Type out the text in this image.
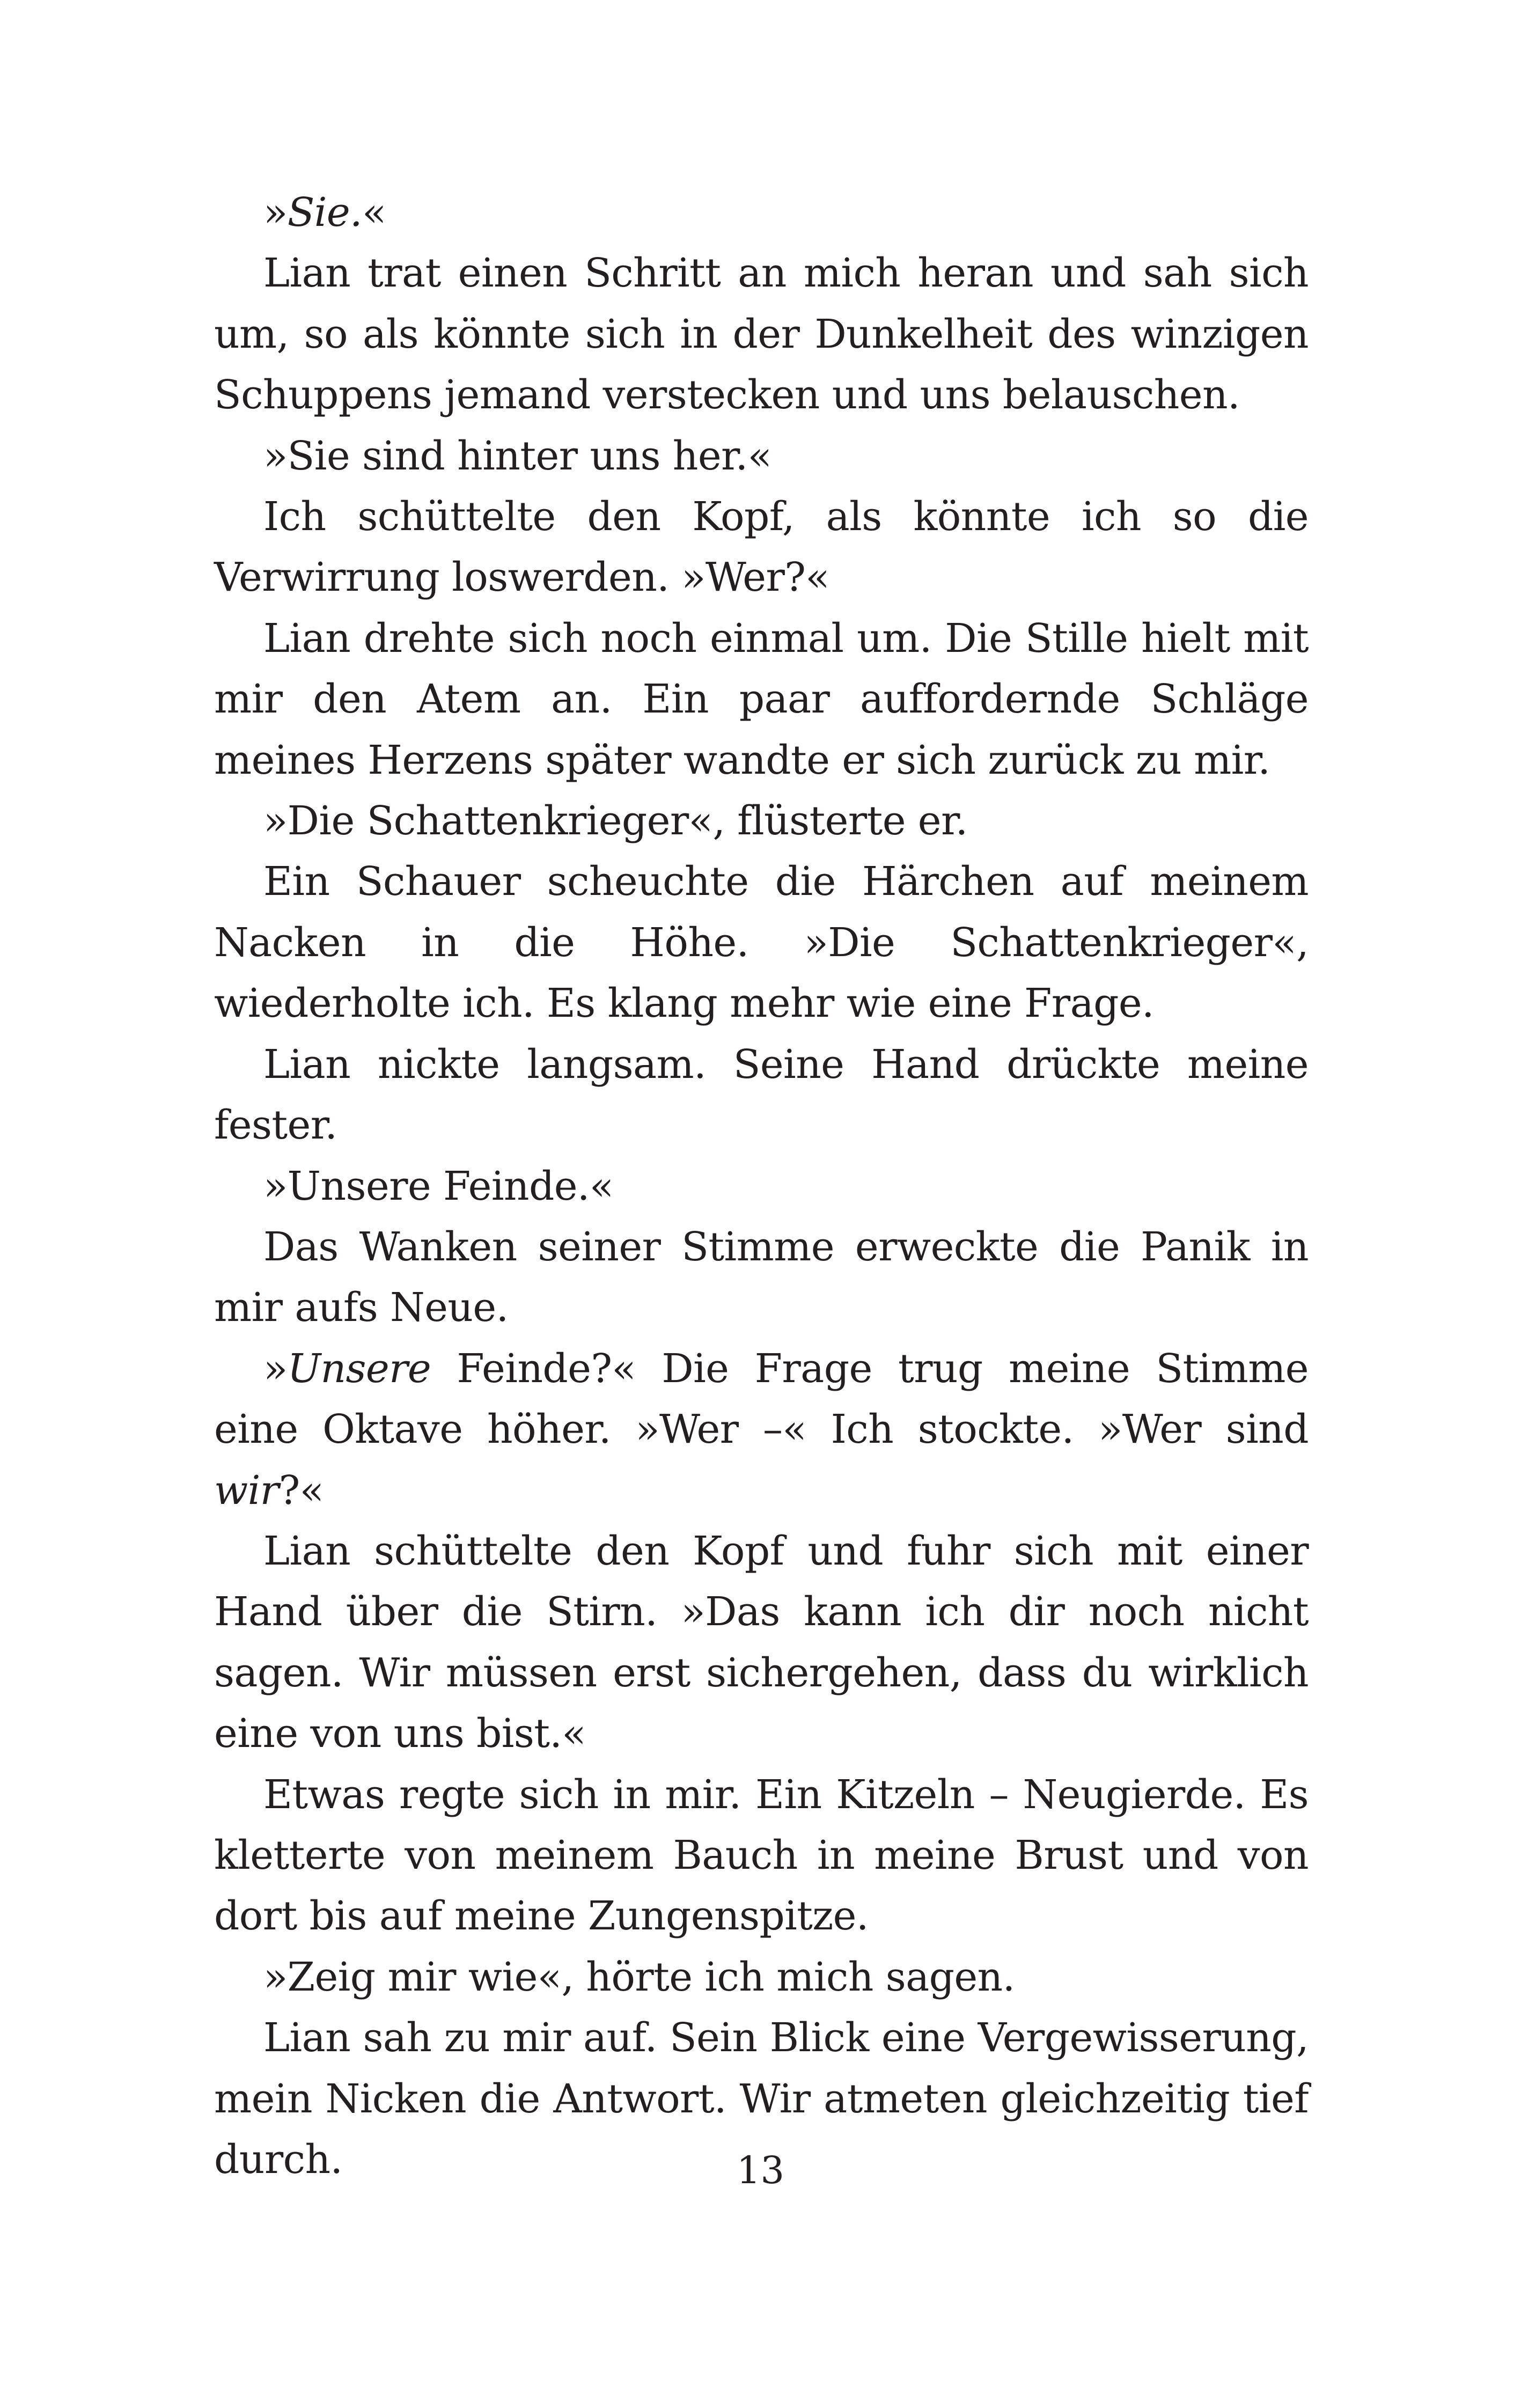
»Sie.«

Lian trat einen Schritt an mich heran und sah sich um, so als könnte sich in der Dunkelheit des winzigen Schuppens jemand verstecken und uns belauschen.

»Sie sind hinter uns her.«

Ich schüttelte den Kopf, als könnte ich so die Verwirrung loswerden. »Wer?«

Lian drehte sich noch einmal um. Die Stille hielt mit mir den Atem an. Ein paar auffordernde Schläge meines Herzens später wandte er sich zurück zu mir.

»Die Schattenkrieger«, flüsterte er.

Ein Schauer scheuchte die Härchen auf meinem Nacken in die Höhe. »Die Schattenkrieger«, wiederholte ich. Es klang mehr wie eine Frage.

Lian nickte langsam. Seine Hand drückte meine fester.

»Unsere Feinde.«

Das Wanken seiner Stimme erweckte die Panik in mir aufs Neue.

»Unsere Feinde?« Die Frage trug meine Stimme eine Oktave höher. »Wer –« Ich stockte. »Wer sind wir?«

Lian schüttelte den Kopf und fuhr sich mit einer Hand über die Stirn. »Das kann ich dir noch nicht sagen. Wir müssen erst sichergehen, dass du wirklich eine von uns bist.«

Etwas regte sich in mir. Ein Kitzeln – Neugierde. Es kletterte von meinem Bauch in meine Brust und von dort bis auf meine Zungenspitze.

»Zeig mir wie«, hörte ich mich sagen.

Lian sah zu mir auf. Sein Blick eine Vergewisserung, mein Nicken die Antwort. Wir atmeten gleichzeitig tief durch.	13
